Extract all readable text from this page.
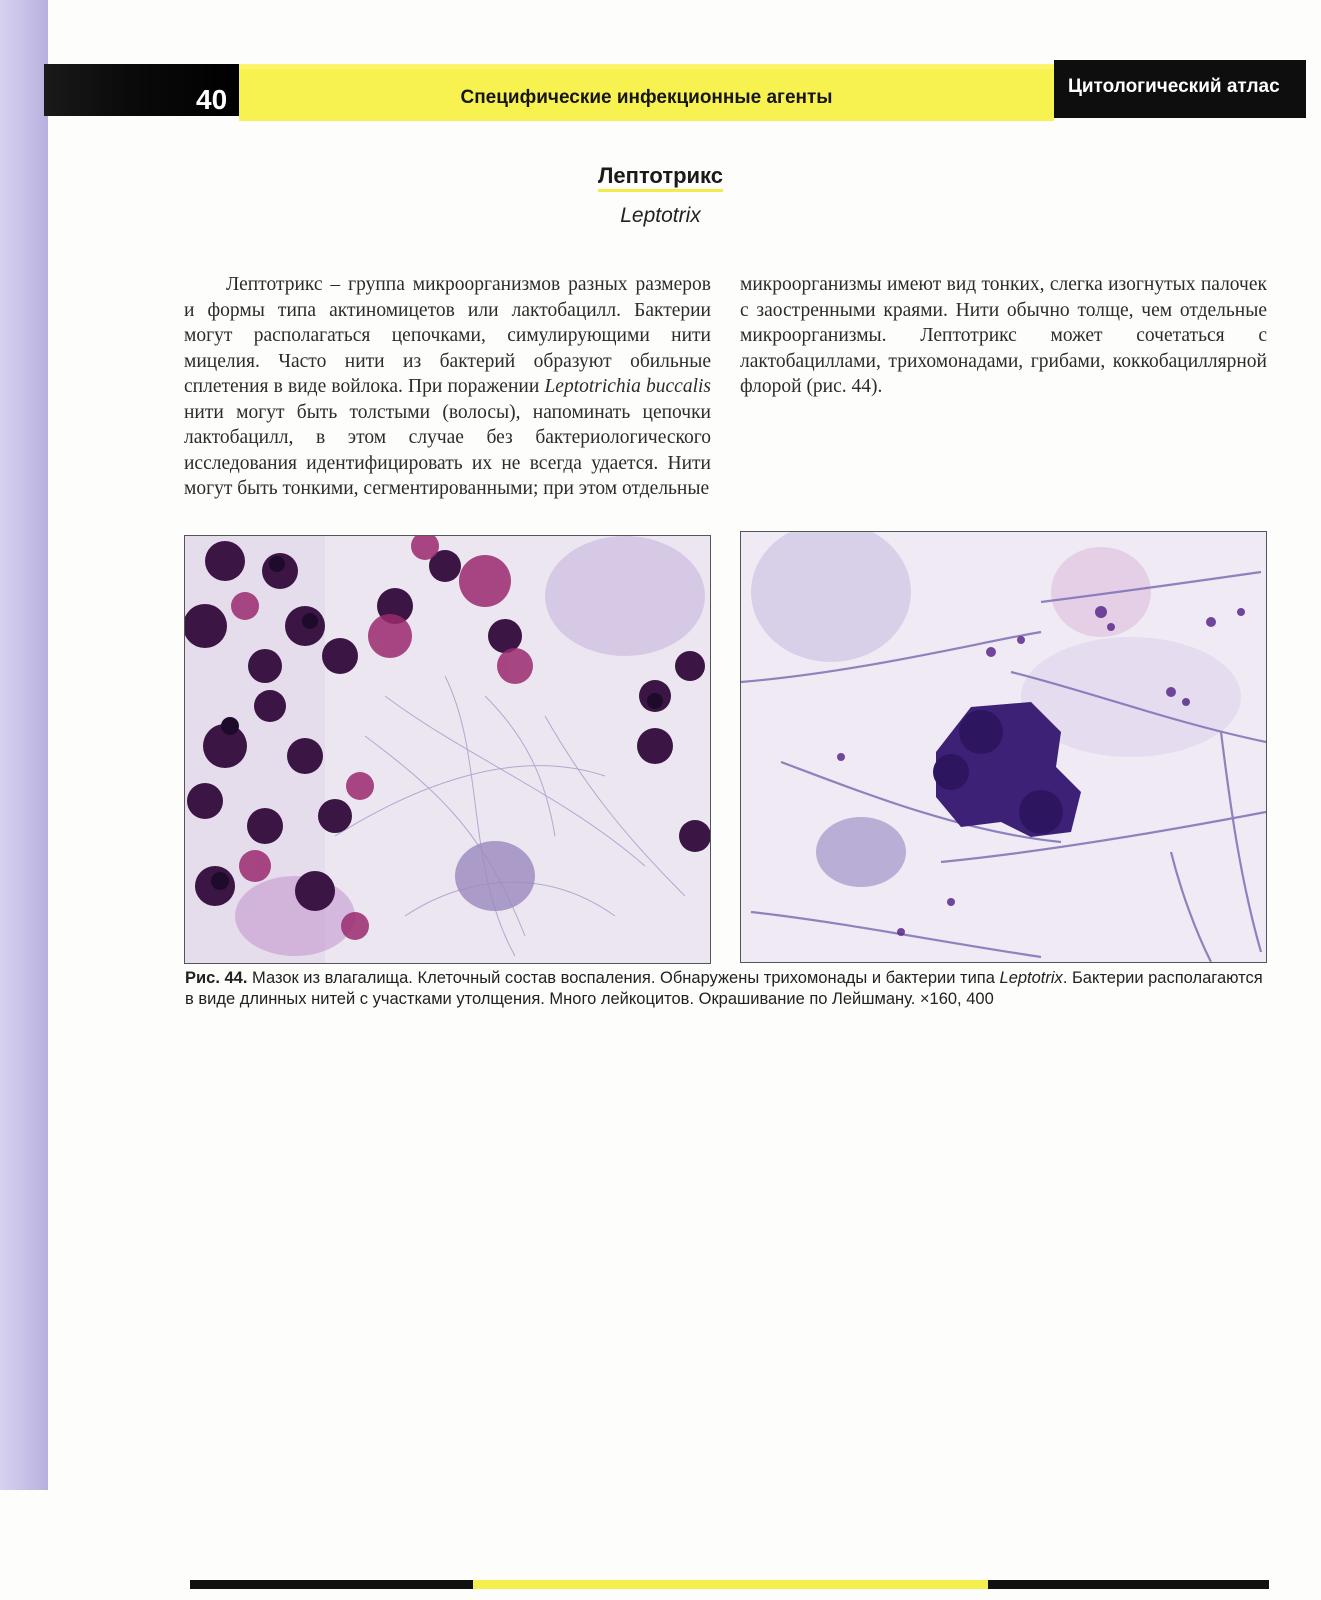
40	Специфические инфекционные агенты
Цитологический атлас
Лептотрикс
Leptotrix

Лептотрикс – группа микроорганизмов разных размеров и формы типа актиномицетов или лактобацилл. Бактерии могут располагаться цепочками, симулирующими нити мицелия. Часто нити из бактерий образуют обильные сплетения в виде войлока. При поражении Leptotrichia buccalis нити могут быть толстыми (волосы), напоминать цепочки лактобацилл, в этом случае без бактериологического исследования идентифицировать их не всегда удается. Нити могут быть тонкими, сегментированными; при этом отдельные

микроорганизмы имеют вид тонких, слегка изогнутых палочек с заостренными краями. Нити обычно толще, чем отдельные микроорганизмы. Лептотрикс может сочетаться с лактобациллами, трихомонадами, грибами, коккобациллярной флорой (рис. 44).

Рис. 44. Мазок из влагалища. Клеточный состав воспаления. Обнаружены трихомонады и бактерии типа Leptotrix. Бактерии располагаются в виде длинных нитей с участками утолщения. Много лейкоцитов. Окрашивание по Лейшману. ×160, 400
